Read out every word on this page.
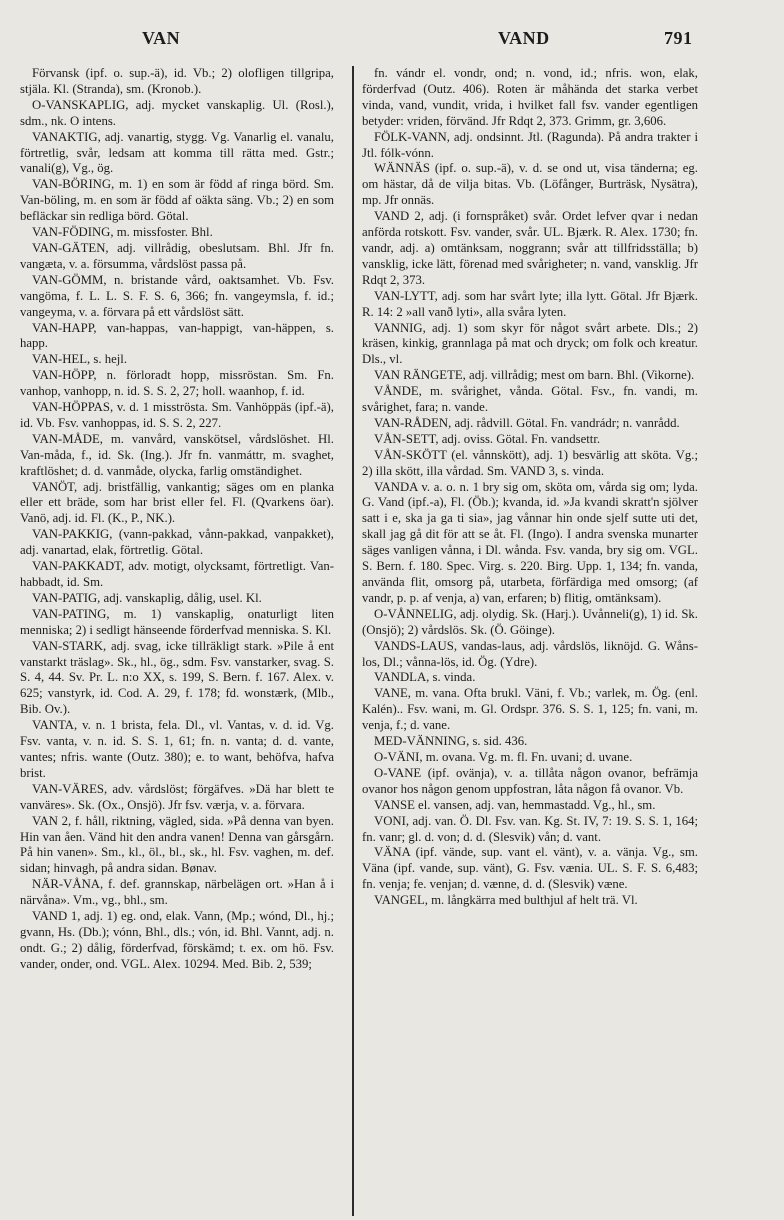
VAN	VAND	791

Förvansk (ipf. o. sup.-ä), id. Vb.; 2) olofligen tillgripa, stjäla. Kl. (Stranda), sm. (Kronob.).

O-VANSKAPLIG, adj. mycket vanskaplig. Ul. (Rosl.), sdm., nk. O intens.

VANAKTIG, adj. vanartig, stygg. Vg. Vanarlig el. vanalu, förtretlig, svår, ledsam att komma till rätta med. Gstr.; vanali(g), Vg., ög.

VAN-BÖRING, m. 1) en som är född af ringa börd. Sm. Van-böling, m. en som är född af oäkta säng. Vb.; 2) en som befläckar sin redliga börd. Götal.

VAN-FÖDING, m. missfoster. Bhl.

VAN-GÄTEN, adj. villrådig, obeslutsam. Bhl. Jfr fn. vangæta, v. a. försumma, vårdslöst passa på.

VAN-GÖMM, n. bristande vård, oaktsamhet. Vb. Fsv. vangöma, f. L. L. S. F. S. 6, 366; fn. vangeymsla, f. id.; vangeyma, v. a. förvara på ett vårdslöst sätt.

VAN-HAPP, van-happas, van-happigt, van-häppen, s. happ.

VAN-HEL, s. hejl.

VAN-HÖPP, n. förloradt hopp, missröstan. Sm. Fn. vanhop, vanhopp, n. id. S. S. 2, 27; holl. waanhop, f. id.

VAN-HÖPPAS, v. d. 1 misströsta. Sm. Vanhöppäs (ipf.-ä), id. Vb. Fsv. vanhoppas, id. S. S. 2, 227.

VAN-MÅDE, m. vanvård, vanskötsel, vårdslöshet. Hl. Van-måda, f., id. Sk. (Ing.). Jfr fn. vanmáttr, m. svaghet, kraftlöshet; d. d. vanmåde, olycka, farlig omständighet.

VANÖT, adj. bristfällig, vankantig; säges om en planka eller ett bräde, som har brist eller fel. Fl. (Qvarkens öar). Vanö, adj. id. Fl. (K., P., NK.).

VAN-PAKKIG, (vann-pakkad, vånn-pakkad, vanpakket), adj. vanartad, elak, förtretlig. Götal.

VAN-PAKKADT, adv. motigt, olycksamt, förtretligt. Van-habbadt, id. Sm.

VAN-PATIG, adj. vanskaplig, dålig, usel. Kl.

VAN-PATING, m. 1) vanskaplig, onaturligt liten menniska; 2) i sedligt hänseende förderfvad menniska. S. Kl.

VAN-STARK, adj. svag, icke tillräkligt stark. »Pile å ent vanstarkt träslag». Sk., hl., ög., sdm. Fsv. vanstarker, svag. S. S. 4, 44. Sv. Pr. L. n:o XX, s. 199, S. Bern. f. 167. Alex. v. 625; vanstyrk, id. Cod. A. 29, f. 178; fd. wonstærk, (Mlb., Bib. Ov.).

VANTA, v. n. 1 brista, fela. Dl., vl. Vantas, v. d. id. Vg. Fsv. vanta, v. n. id. S. S. 1, 61; fn. n. vanta; d. d. vante, vantes; nfris. wante (Outz. 380); e. to want, behöfva, hafva brist.

VAN-VÄRES, adv. vårdslöst; förgäfves. »Dä har blett te vanväres». Sk. (Ox., Onsjö). Jfr fsv. værja, v. a. förvara.

VAN 2, f. håll, riktning, vägled, sida. »På denna van byen. Hin van åen. Vänd hit den andra vanen! Denna van gårsgårn. På hin vanen». Sm., kl., öl., bl., sk., hl. Fsv. vaghen, m. def. sidan; hinvagh, på andra sidan. Bønav.

NÄR-VÅNA, f. def. grannskap, närbelägen ort. »Han å i närvåna». Vm., vg., bhl., sm.

VAND 1, adj. 1) eg. ond, elak. Vann, (Mp.; wónd, Dl., hj.; gvann, Hs. (Db.); vónn, Bhl., dls.; vón, id. Bhl. Vannt, adj. n. ondt. G.; 2) dålig, förderfvad, förskämd; t. ex. om hö. Fsv. vander, onder, ond. VGL. Alex. 10294. Med. Bib. 2, 539;

fn. vándr el. vondr, ond; n. vond, id.; nfris. won, elak, förderfvad (Outz. 406). Roten är måhända det starka verbet vinda, vand, vundit, vrida, i hvilket fall fsv. vander egentligen betyder: vriden, förvänd. Jfr Rdqt 2, 373. Grimm, gr. 3,606.

FÖLK-VANN, adj. ondsinnt. Jtl. (Ragunda). På andra trakter i Jtl. fólk-vónn.

WÄNNÄS (ipf. o. sup.-ä), v. d. se ond ut, visa tänderna; eg. om hästar, då de vilja bitas. Vb. (Löfånger, Burträsk, Nysätra), mp. Jfr onnäs.

VAND 2, adj. (i fornspråket) svår. Ordet lefver qvar i nedan anförda rotskott. Fsv. vander, svår. UL. Bjærk. R. Alex. 1730; fn. vandr, adj. a) omtänksam, noggrann; svår att tillfridsställa; b) vansklig, icke lätt, förenad med svårigheter; n. vand, vansklig. Jfr Rdqt 2, 373.

VAN-LYTT, adj. som har svårt lyte; illa lytt. Götal. Jfr Bjærk. R. 14: 2 »all vanð lyti», alla svåra lyten.

VANNIG, adj. 1) som skyr för något svårt arbete. Dls.; 2) kräsen, kinkig, grannlaga på mat och dryck; om folk och kreatur. Dls., vl.

VAN RÄNGETE, adj. villrådig; mest om barn. Bhl. (Vikorne).

VÅNDE, m. svårighet, vånda. Götal. Fsv., fn. vandi, m. svårighet, fara; n. vande.

VAN-RÅDEN, adj. rådvill. Götal. Fn. vandrádr; n. vanrådd.

VÅN-SETT, adj. oviss. Götal. Fn. vandsettr.

VÅN-SKÖTT (el. vånnskött), adj. 1) besvärlig att sköta. Vg.; 2) illa skött, illa vårdad. Sm. VAND 3, s. vinda.

VANDA v. a. o. n. 1 bry sig om, sköta om, vårda sig om; lyda. G. Vand (ipf.-a), Fl. (Öb.); kvanda, id. »Ja kvandi skratt'n sjölver satt i e, ska ja ga ti sia», jag vånnar hin onde sjelf sutte uti det, skall jag gå dit för att se åt. Fl. (Ingo). I andra svenska munarter säges vanligen vånna, i Dl. wånda. Fsv. vanda, bry sig om. VGL. S. Bern. f. 180. Spec. Virg. s. 220. Birg. Upp. 1, 134; fn. vanda, använda flit, omsorg på, utarbeta, förfärdiga med omsorg; (af vandr, p. p. af venja, a) van, erfaren; b) flitig, omtänksam).

O-VÅNNELIG, adj. olydig. Sk. (Harj.). Uvånneli(g), 1) id. Sk. (Onsjö); 2) vårdslös. Sk. (Ö. Göinge).

VANDS-LAUS, vandas-laus, adj. vårdslös, liknöjd. G. Wåns-los, Dl.; vånna-lös, id. Ög. (Ydre).

VANDLA, s. vinda.

VANE, m. vana. Ofta brukl. Väni, f. Vb.; varlek, m. Ög. (enl. Kalén).. Fsv. wani, m. Gl. Ordspr. 376. S. S. 1, 125; fn. vani, m. venja, f.; d. vane.

MED-VÄNNING, s. sid. 436.

O-VÄNI, m. ovana. Vg. m. fl. Fn. uvani; d. uvane.

O-VANE (ipf. ovänja), v. a. tillåta någon ovanor, befrämja ovanor hos någon genom uppfostran, låta någon få ovanor. Vb.

VANSE el. vansen, adj. van, hemmastadd. Vg., hl., sm.

VONI, adj. van. Ö. Dl. Fsv. van. Kg. St. IV, 7: 19. S. S. 1, 164; fn. vanr; gl. d. von; d. d. (Slesvik) vån; d. vant.

VÄNA (ipf. vände, sup. vant el. vänt), v. a. vänja. Vg., sm. Väna (ipf. vande, sup. vänt), G. Fsv. vænia. UL. S. F. S. 6,483; fn. venja; fe. venjan; d. vænne, d. d. (Slesvik) væne.

VANGEL, m. långkärra med bulthjul af helt trä. Vl.
